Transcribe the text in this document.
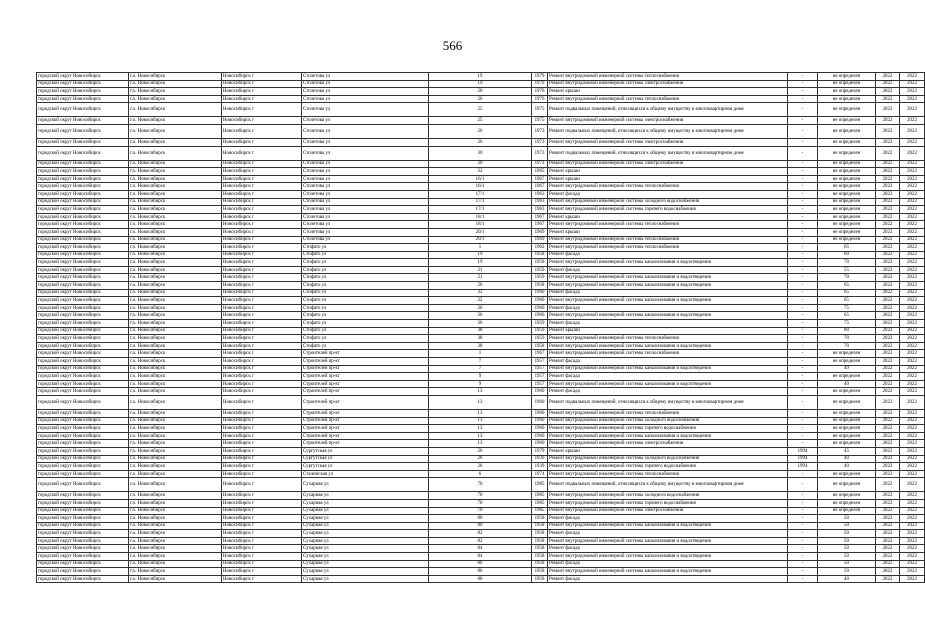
566
городской округ Новосибирск	г.о. Новосибирск	Новосибирск г	Столетова ул	19	1979	Ремонт внутридомовой инженерной системы теплоснабжения	-	не определен	2022	2022
городской округ Новосибирск	г.о. Новосибирск	Новосибирск г	Столетова ул	19	1979	Ремонт внутридомовой инженерной системы электроснабжения	-	не определен	2022	2022
городской округ Новосибирск	г.о. Новосибирск	Новосибирск г	Столетова ул	20	1976	Ремонт крыши	-	не определен	2022	2022
городской округ Новосибирск	г.о. Новосибирск	Новосибирск г	Столетова ул	20	1976	Ремонт внутридомовой инженерной системы теплоснабжения	-	не определен	2022	2022
городской округ Новосибирск	г.о. Новосибирск	Новосибирск г	Столетова ул	25	1975	Ремонт подвальных помещений, относящихся к общему имуществу в многоквартирном доме	-	не определен	2022	2022
городской округ Новосибирск	г.о. Новосибирск	Новосибирск г	Столетова ул	25	1975	Ремонт внутридомовой инженерной системы электроснабжения	-	не определен	2022	2022
городской округ Новосибирск	г.о. Новосибирск	Новосибирск г	Столетова ул	26	1973	Ремонт подвальных помещений, относящихся к общему имуществу в многоквартирном доме	-	не определен	2022	2022
городской округ Новосибирск	г.о. Новосибирск	Новосибирск г	Столетова ул	26	1973	Ремонт внутридомовой инженерной системы электроснабжения	-	не определен	2022	2022
городской округ Новосибирск	г.о. Новосибирск	Новосибирск г	Столетова ул	30	1973	Ремонт подвальных помещений, относящихся к общему имуществу в многоквартирном доме	-	не определен	2022	2022
городской округ Новосибирск	г.о. Новосибирск	Новосибирск г	Столетова ул	30	1973	Ремонт внутридомовой инженерной системы электроснабжения	-	не определен	2022	2022
городской округ Новосибирск	г.о. Новосибирск	Новосибирск г	Столетова ул	32	1965	Ремонт крыши	-	не определен	2022	2022
городской округ Новосибирск	г.о. Новосибирск	Новосибирск г	Столетова ул	16/1	1967	Ремонт крыши	-	не определен	2022	2022
городской округ Новосибирск	г.о. Новосибирск	Новосибирск г	Столетова ул	16/1	1967	Ремонт внутридомовой инженерной системы теплоснабжения	-	не определен	2022	2022
городской округ Новосибирск	г.о. Новосибирск	Новосибирск г	Столетова ул	17/1	1963	Ремонт фасада	-	не определен	2022	2022
городской округ Новосибирск	г.о. Новосибирск	Новосибирск г	Столетова ул	17/1	1963	Ремонт внутридомовой инженерной системы холодного водоснабжения	-	не определен	2022	2022
городской округ Новосибирск	г.о. Новосибирск	Новосибирск г	Столетова ул	17/1	1963	Ремонт внутридомовой инженерной системы горячего водоснабжения	-	не определен	2022	2022
городской округ Новосибирск	г.о. Новосибирск	Новосибирск г	Столетова ул	18/1	1967	Ремонт крыши	-	не определен	2022	2022
городской округ Новосибирск	г.о. Новосибирск	Новосибирск г	Столетова ул	18/1	1967	Ремонт внутридомовой инженерной системы теплоснабжения	-	не определен	2022	2022
городской округ Новосибирск	г.о. Новосибирск	Новосибирск г	Столетова ул	20/1	1969	Ремонт крыши	-	не определен	2022	2022
городской округ Новосибирск	г.о. Новосибирск	Новосибирск г	Столетова ул	20/1	1969	Ремонт внутридомовой инженерной системы теплоснабжения	-	не определен	2022	2022
городской округ Новосибирск	г.о. Новосибирск	Новосибирск г	Стофато ул	1	1962	Ремонт внутридомовой инженерной системы теплоснабжения	-	65	2022	2022
городской округ Новосибирск	г.о. Новосибирск	Новосибирск г	Стофато ул	19	1958	Ремонт фасада	-	60	2022	2022
городской округ Новосибирск	г.о. Новосибирск	Новосибирск г	Стофато ул	19	1958	Ремонт внутридомовой инженерной системы канализования и водоотведения	-	70	2022	2022
городской округ Новосибирск	г.о. Новосибирск	Новосибирск г	Стофато ул	21	1959	Ремонт фасада	-	55	2022	2022
городской округ Новосибирск	г.о. Новосибирск	Новосибирск г	Стофато ул	21	1959	Ремонт внутридомовой инженерной системы канализования и водоотведения	-	70	2022	2022
городской округ Новосибирск	г.о. Новосибирск	Новосибирск г	Стофато ул	26	1958	Ремонт внутридомовой инженерной системы канализования и водоотведения	-	65	2022	2022
городской округ Новосибирск	г.о. Новосибирск	Новосибирск г	Стофато ул	32	1960	Ремонт фасада	-	65	2022	2022
городской округ Новосибирск	г.о. Новосибирск	Новосибирск г	Стофато ул	32	1960	Ремонт внутридомовой инженерной системы канализования и водоотведения	-	65	2022	2022
городской округ Новосибирск	г.о. Новосибирск	Новосибирск г	Стофато ул	36	1960	Ремонт фасада	-	75	2022	2022
городской округ Новосибирск	г.о. Новосибирск	Новосибирск г	Стофато ул	36	1966	Ремонт внутридомовой инженерной системы канализования и водоотведения	-	65	2022	2022
городской округ Новосибирск	г.о. Новосибирск	Новосибирск г	Стофато ул	36	1959	Ремонт фасада	-	75	2022	2022
городской округ Новосибирск	г.о. Новосибирск	Новосибирск г	Стофато ул	38	1959	Ремонт крыши	-	80	2022	2022
городской округ Новосибирск	г.о. Новосибирск	Новосибирск г	Стофато ул	38	1959	Ремонт внутридомовой инженерной системы теплоснабжения	-	70	2022	2022
городской округ Новосибирск	г.о. Новосибирск	Новосибирск г	Стофато ул	38	1958	Ремонт внутридомовой инженерной системы канализования и водоотведения	-	70	2022	2022
городской округ Новосибирск	г.о. Новосибирск	Новосибирск г	Строителей пр-кт	1	1967	Ремонт внутридомовой инженерной системы теплоснабжения	-	не определен	2022	2022
городской округ Новосибирск	г.о. Новосибирск	Новосибирск г	Строителей пр-кт	7	1957	Ремонт фасада	-	не определен	2022	2022
городской округ Новосибирск	г.о. Новосибирск	Новосибирск г	Строителей пр-кт	7	1957	Ремонт внутридомовой инженерной системы канализования и водоотведения	-	49	2022	2022
городской округ Новосибирск	г.о. Новосибирск	Новосибирск г	Строителей пр-кт	9	1957	Ремонт фасада	-	не определен	2022	2022
городской округ Новосибирск	г.о. Новосибирск	Новосибирск г	Строителей пр-кт	9	1957	Ремонт внутридомовой инженерной системы канализования и водоотведения	-	40	2022	2022
городской округ Новосибирск	г.о. Новосибирск	Новосибирск г	Строителей пр-кт	13	1960	Ремонт фасада	-	не определен	2022	2022
городской округ Новосибирск	г.о. Новосибирск	Новосибирск г	Строителей пр-кт	13	1960	Ремонт подвальных помещений, относящихся к общему имуществу в многоквартирном доме	-	не определен	2022	2022
городской округ Новосибирск	г.о. Новосибирск	Новосибирск г	Строителей пр-кт	13	1960	Ремонт внутридомовой инженерной системы теплоснабжения	-	не определен	2022	2022
городской округ Новосибирск	г.о. Новосибирск	Новосибирск г	Строителей пр-кт	13	1960	Ремонт внутридомовой инженерной системы холодного водоснабжения	-	не определен	2022	2022
городской округ Новосибирск	г.о. Новосибирск	Новосибирск г	Строителей пр-кт	13	1960	Ремонт внутридомовой инженерной системы горячего водоснабжения	-	не определен	2022	2022
городской округ Новосибирск	г.о. Новосибирск	Новосибирск г	Строителей пр-кт	13	1960	Ремонт внутридомовой инженерной системы канализования и водоотведения	-	не определен	2022	2022
городской округ Новосибирск	г.о. Новосибирск	Новосибирск г	Строителей пр-кт	13	1960	Ремонт внутридомовой инженерной системы электроснабжения	-	не определен	2022	2022
городской округ Новосибирск	г.о. Новосибирск	Новосибирск г	Сургутская ул	26	1979	Ремонт крыши	1994	45	2022	2022
городской округ Новосибирск	г.о. Новосибирск	Новосибирск г	Сургутская ул	26	1939	Ремонт внутридомовой инженерной системы холодного водоснабжения	1994	40	2022	2022
городской округ Новосибирск	г.о. Новосибирск	Новосибирск г	Сургутская ул	26	1939	Ремонт внутридомовой инженерной системы горячего водоснабжения	1994	40	2022	2022
городской округ Новосибирск	г.о. Новосибирск	Новосибирск г	Сталинская ул	6	1974	Ремонт внутридомовой инженерной системы теплоснабжения	-	не определен	2022	2022
городской округ Новосибирск	г.о. Новосибирск	Новосибирск г	Сухарная ул	70	1985	Ремонт подвальных помещений, относящихся к общему имуществу в многоквартирном доме	-	не определен	2022	2022
городской округ Новосибирск	г.о. Новосибирск	Новосибирск г	Сухарная ул	70	1985	Ремонт внутридомовой инженерной системы холодного водоснабжения	-	не определен	2022	2022
городской округ Новосибирск	г.о. Новосибирск	Новосибирск г	Сухарная ул	70	1985	Ремонт внутридомовой инженерной системы горячего водоснабжения	-	не определен	2022	2022
городской округ Новосибирск	г.о. Новосибирск	Новосибирск г	Сухарная ул	70	1985	Ремонт внутридомовой инженерной системы электроснабжения	-	не определен	2022	2022
городской округ Новосибирск	г.о. Новосибирск	Новосибирск г	Сухарная ул	80	1958	Ремонт фасада	-	50	2022	2022
городской округ Новосибирск	г.о. Новосибирск	Новосибирск г	Сухарная ул	80	1958	Ремонт внутридомовой инженерной системы канализования и водоотведения	-	50	2022	2022
городской округ Новосибирск	г.о. Новосибирск	Новосибирск г	Сухарная ул	82	1958	Ремонт фасада	-	50	2022	2022
городской округ Новосибирск	г.о. Новосибирск	Новосибирск г	Сухарная ул	82	1958	Ремонт внутридомовой инженерной системы канализования и водоотведения	-	50	2022	2022
городской округ Новосибирск	г.о. Новосибирск	Новосибирск г	Сухарная ул	84	1958	Ремонт фасада	-	50	2022	2022
городской округ Новосибирск	г.о. Новосибирск	Новосибирск г	Сухарная ул	84	1958	Ремонт внутридомовой инженерной системы канализования и водоотведения	-	50	2022	2022
городской округ Новосибирск	г.о. Новосибирск	Новосибирск г	Сухарная ул	86	1958	Ремонт фасада	-	50	2022	2022
городской округ Новосибирск	г.о. Новосибирск	Новосибирск г	Сухарная ул	86	1958	Ремонт внутридомовой инженерной системы канализования и водоотведения	-	50	2022	2022
городской округ Новосибирск	г.о. Новосибирск	Новосибирск г	Сухарная ул	88	1958	Ремонт фасада	-	40	2022	2022
